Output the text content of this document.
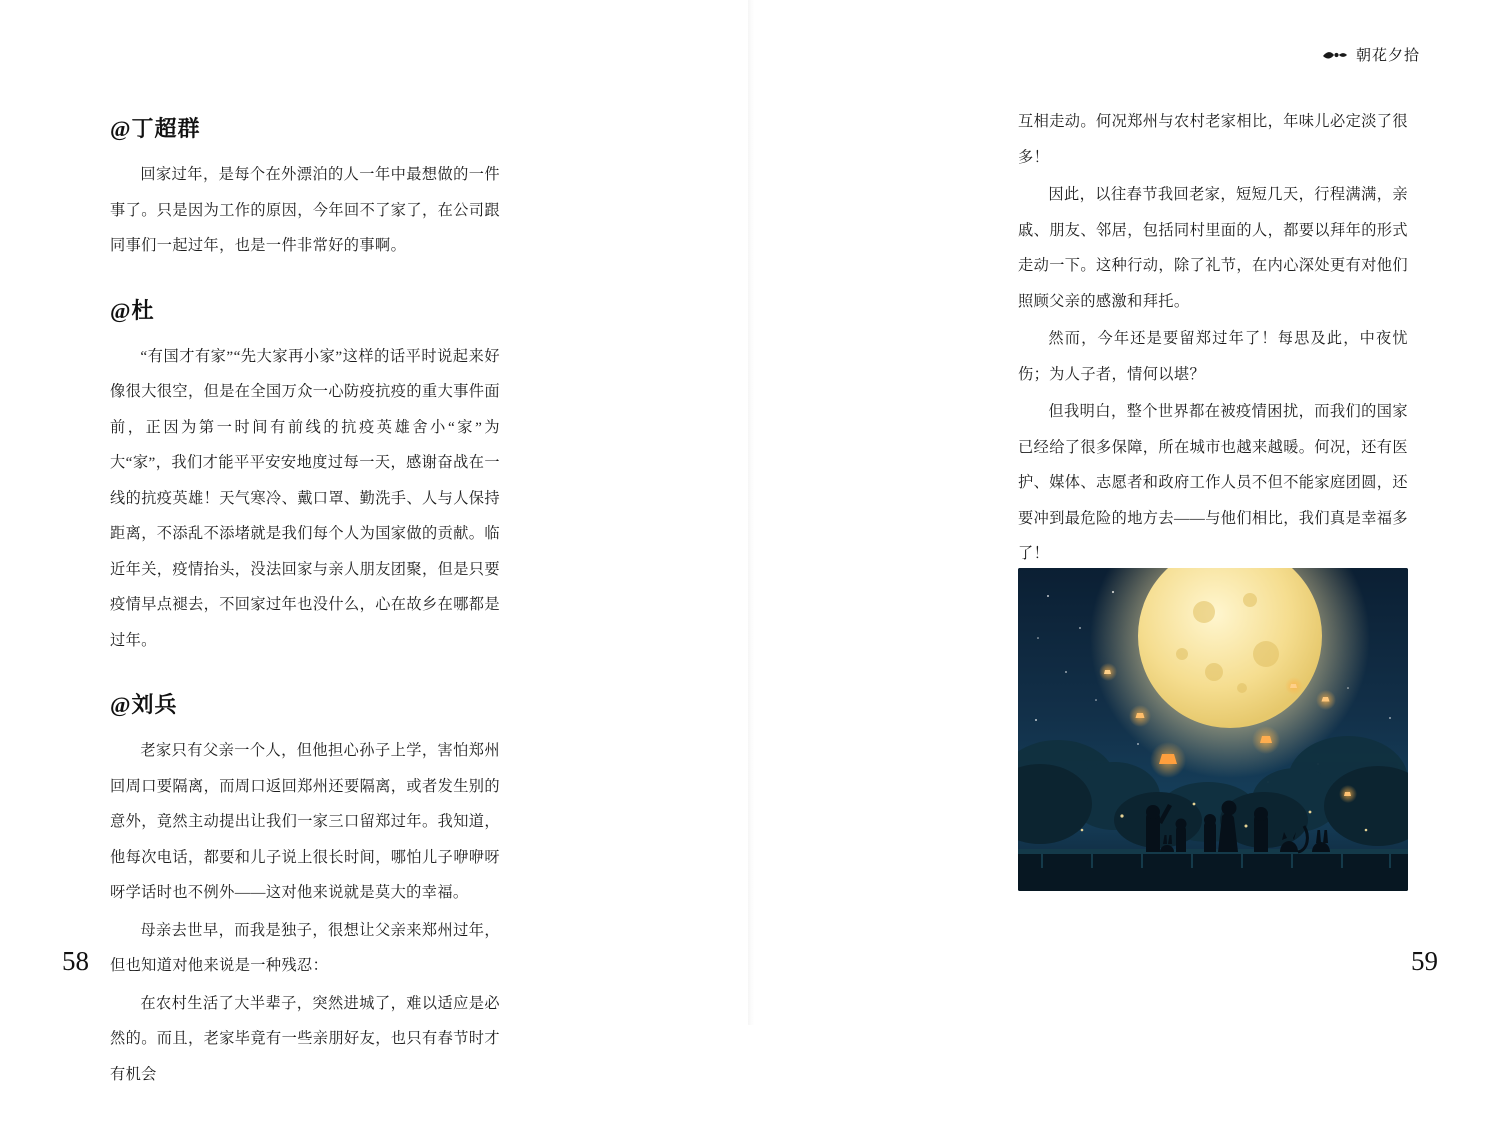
@丁超群

回家过年，是每个在外漂泊的人一年中最想做的一件事了。只是因为工作的原因，今年回不了家了，在公司跟同事们一起过年，也是一件非常好的事啊。

@杜

“有国才有家”“先大家再小家”这样的话平时说起来好像很大很空，但是在全国万众一心防疫抗疫的重大事件面前，正因为第一时间有前线的抗疫英雄舍小“家”为大“家”，我们才能平平安安地度过每一天，感谢奋战在一线的抗疫英雄！天气寒冷、戴口罩、勤洗手、人与人保持距离，不添乱不添堵就是我们每个人为国家做的贡献。临近年关，疫情抬头，没法回家与亲人朋友团聚，但是只要疫情早点褪去，不回家过年也没什么，心在故乡在哪都是过年。

@刘兵

老家只有父亲一个人，但他担心孙子上学，害怕郑州回周口要隔离，而周口返回郑州还要隔离，或者发生别的意外，竟然主动提出让我们一家三口留郑过年。我知道，他每次电话，都要和儿子说上很长时间，哪怕儿子咿咿呀呀学话时也不例外——这对他来说就是莫大的幸福。

母亲去世早，而我是独子，很想让父亲来郑州过年，但也知道对他来说是一种残忍：

在农村生活了大半辈子，突然进城了，难以适应是必然的。而且，老家毕竟有一些亲朋好友，也只有春节时才有机会

58
朝花夕拾

互相走动。何况郑州与农村老家相比，年味儿必定淡了很多！

因此，以往春节我回老家，短短几天，行程满满，亲戚、朋友、邻居，包括同村里面的人，都要以拜年的形式走动一下。这种行动，除了礼节，在内心深处更有对他们照顾父亲的感激和拜托。

然而，今年还是要留郑过年了！每思及此，中夜忧伤；为人子者，情何以堪？

但我明白，整个世界都在被疫情困扰，而我们的国家已经给了很多保障，所在城市也越来越暖。何况，还有医护、媒体、志愿者和政府工作人员不但不能家庭团圆，还要冲到最危险的地方去——与他们相比，我们真是幸福多了！

59
